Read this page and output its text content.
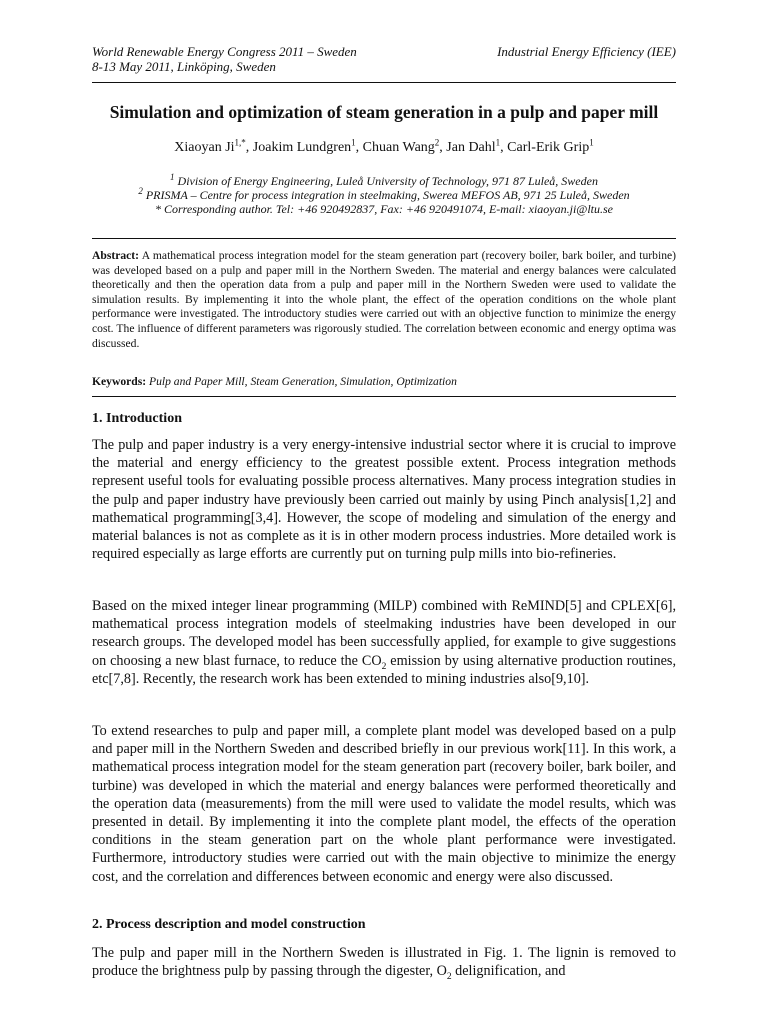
World Renewable Energy Congress 2011 – Sweden
8-13 May 2011, Linköping, Sweden
Industrial Energy Efficiency (IEE)
Simulation and optimization of steam generation in a pulp and paper mill
Xiaoyan $Ji^{1,*}$, Joakim Lundgren$^1$, Chuan Wang$^2$, Jan Dahl$^1$, Carl-Erik Grip$^1$
$^1$ Division of Energy Engineering, Luleå University of Technology, 971 87 Luleå, Sweden
$^2$ PRISMA – Centre for process integration in steelmaking, Swerea MEFOS AB, 971 25 Luleå, Sweden
* Corresponding author. Tel: +46 920492837, Fax: +46 920491074, E-mail: xiaoyan.ji@ltu.se
Abstract: A mathematical process integration model for the steam generation part (recovery boiler, bark boiler, and turbine) was developed based on a pulp and paper mill in the Northern Sweden. The material and energy balances were calculated theoretically and then the operation data from a pulp and paper mill in the Northern Sweden were used to validate the simulation results. By implementing it into the whole plant, the effect of the operation conditions on the whole plant performance were investigated. The introductory studies were carried out with an objective function to minimize the energy cost. The influence of different parameters was rigorously studied. The correlation between economic and energy optima was discussed.
Keywords: Pulp and Paper Mill, Steam Generation, Simulation, Optimization
1. Introduction
The pulp and paper industry is a very energy-intensive industrial sector where it is crucial to improve the material and energy efficiency to the greatest possible extent. Process integration methods represent useful tools for evaluating possible process alternatives. Many process integration studies in the pulp and paper industry have previously been carried out mainly by using Pinch analysis[1,2] and mathematical programming[3,4]. However, the scope of modeling and simulation of the energy and material balances is not as complete as it is in other modern process industries. More detailed work is required especially as large efforts are currently put on turning pulp mills into bio-refineries.
Based on the mixed integer linear programming (MILP) combined with ReMIND[5] and CPLEX[6], mathematical process integration models of steelmaking industries have been developed in our research groups. The developed model has been successfully applied, for example to give suggestions on choosing a new blast furnace, to reduce the $CO_2$ emission by using alternative production routines, etc[7,8]. Recently, the research work has been extended to mining industries also[9,10].
To extend researches to pulp and paper mill, a complete plant model was developed based on a pulp and paper mill in the Northern Sweden and described briefly in our previous work[11]. In this work, a mathematical process integration model for the steam generation part (recovery boiler, bark boiler, and turbine) was developed in which the material and energy balances were performed theoretically and the operation data (measurements) from the mill were used to validate the model results, which was presented in detail. By implementing it into the complete plant model, the effects of the operation conditions in the steam generation part on the whole plant performance were investigated. Furthermore, introductory studies were carried out with the main objective to minimize the energy cost, and the correlation and differences between economic and energy were also discussed.
2. Process description and model construction
The pulp and paper mill in the Northern Sweden is illustrated in Fig. 1. The lignin is removed to produce the brightness pulp by passing through the digester, $O_2$ delignification, and
